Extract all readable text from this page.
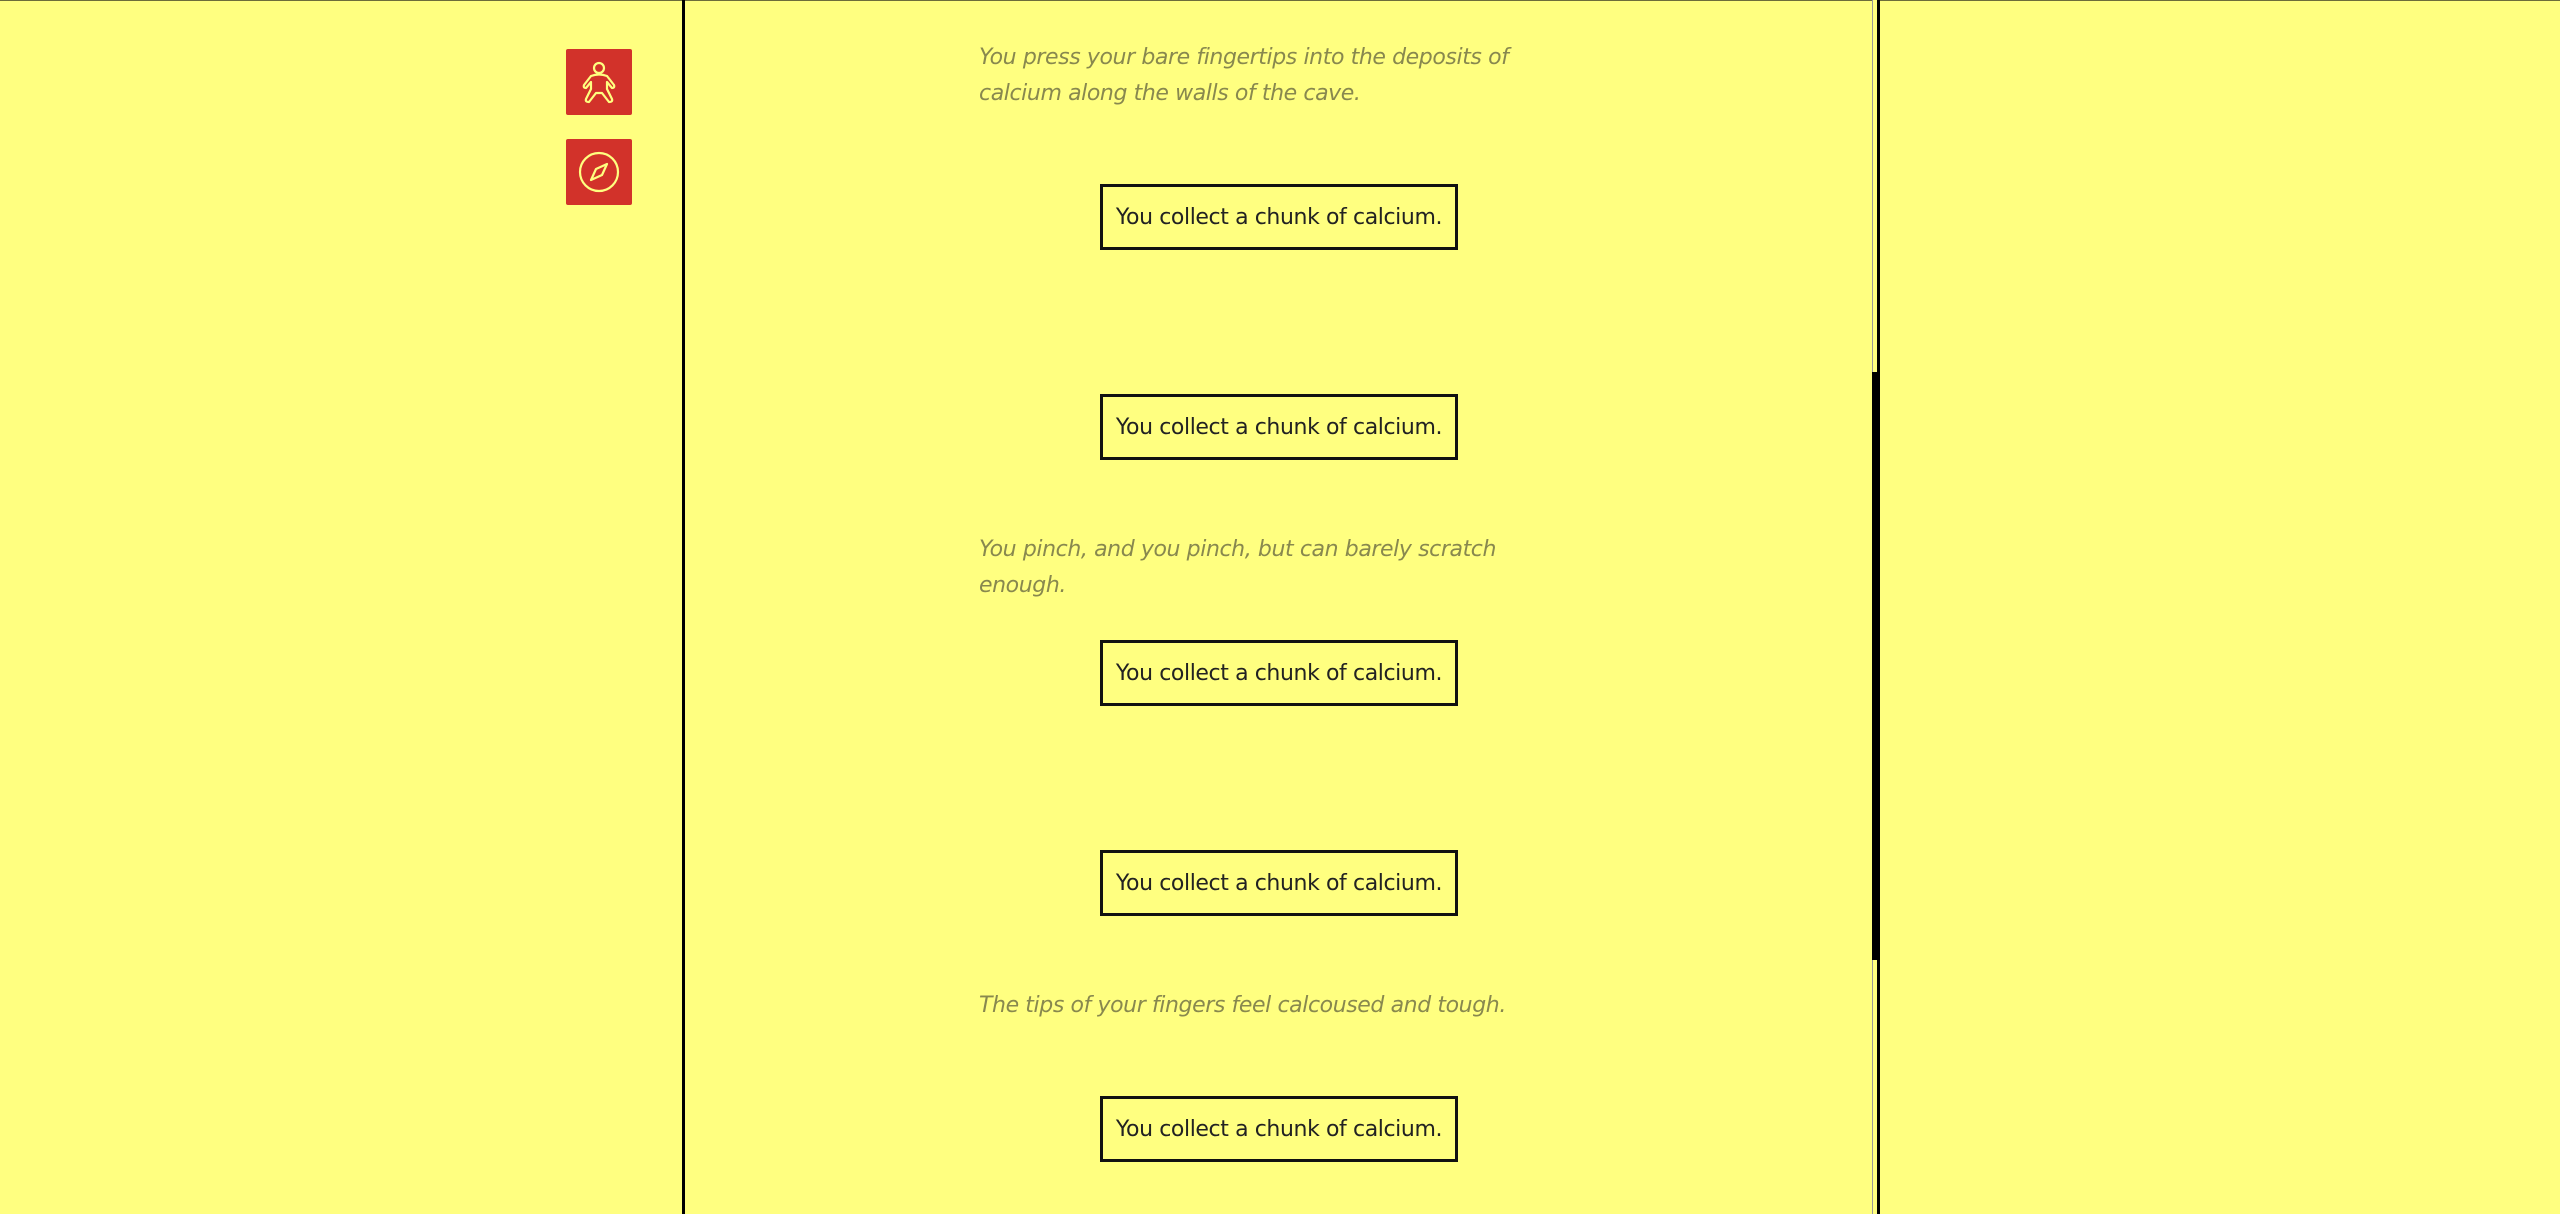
You press your bare fingertips into the deposits of calcium along the walls of the cave.

You collect a chunk of calcium.
You collect a chunk of calcium.

You pinch, and you pinch, but can barely scratch enough.

You collect a chunk of calcium.
You collect a chunk of calcium.

The tips of your fingers feel calcoused and tough.

You collect a chunk of calcium.
